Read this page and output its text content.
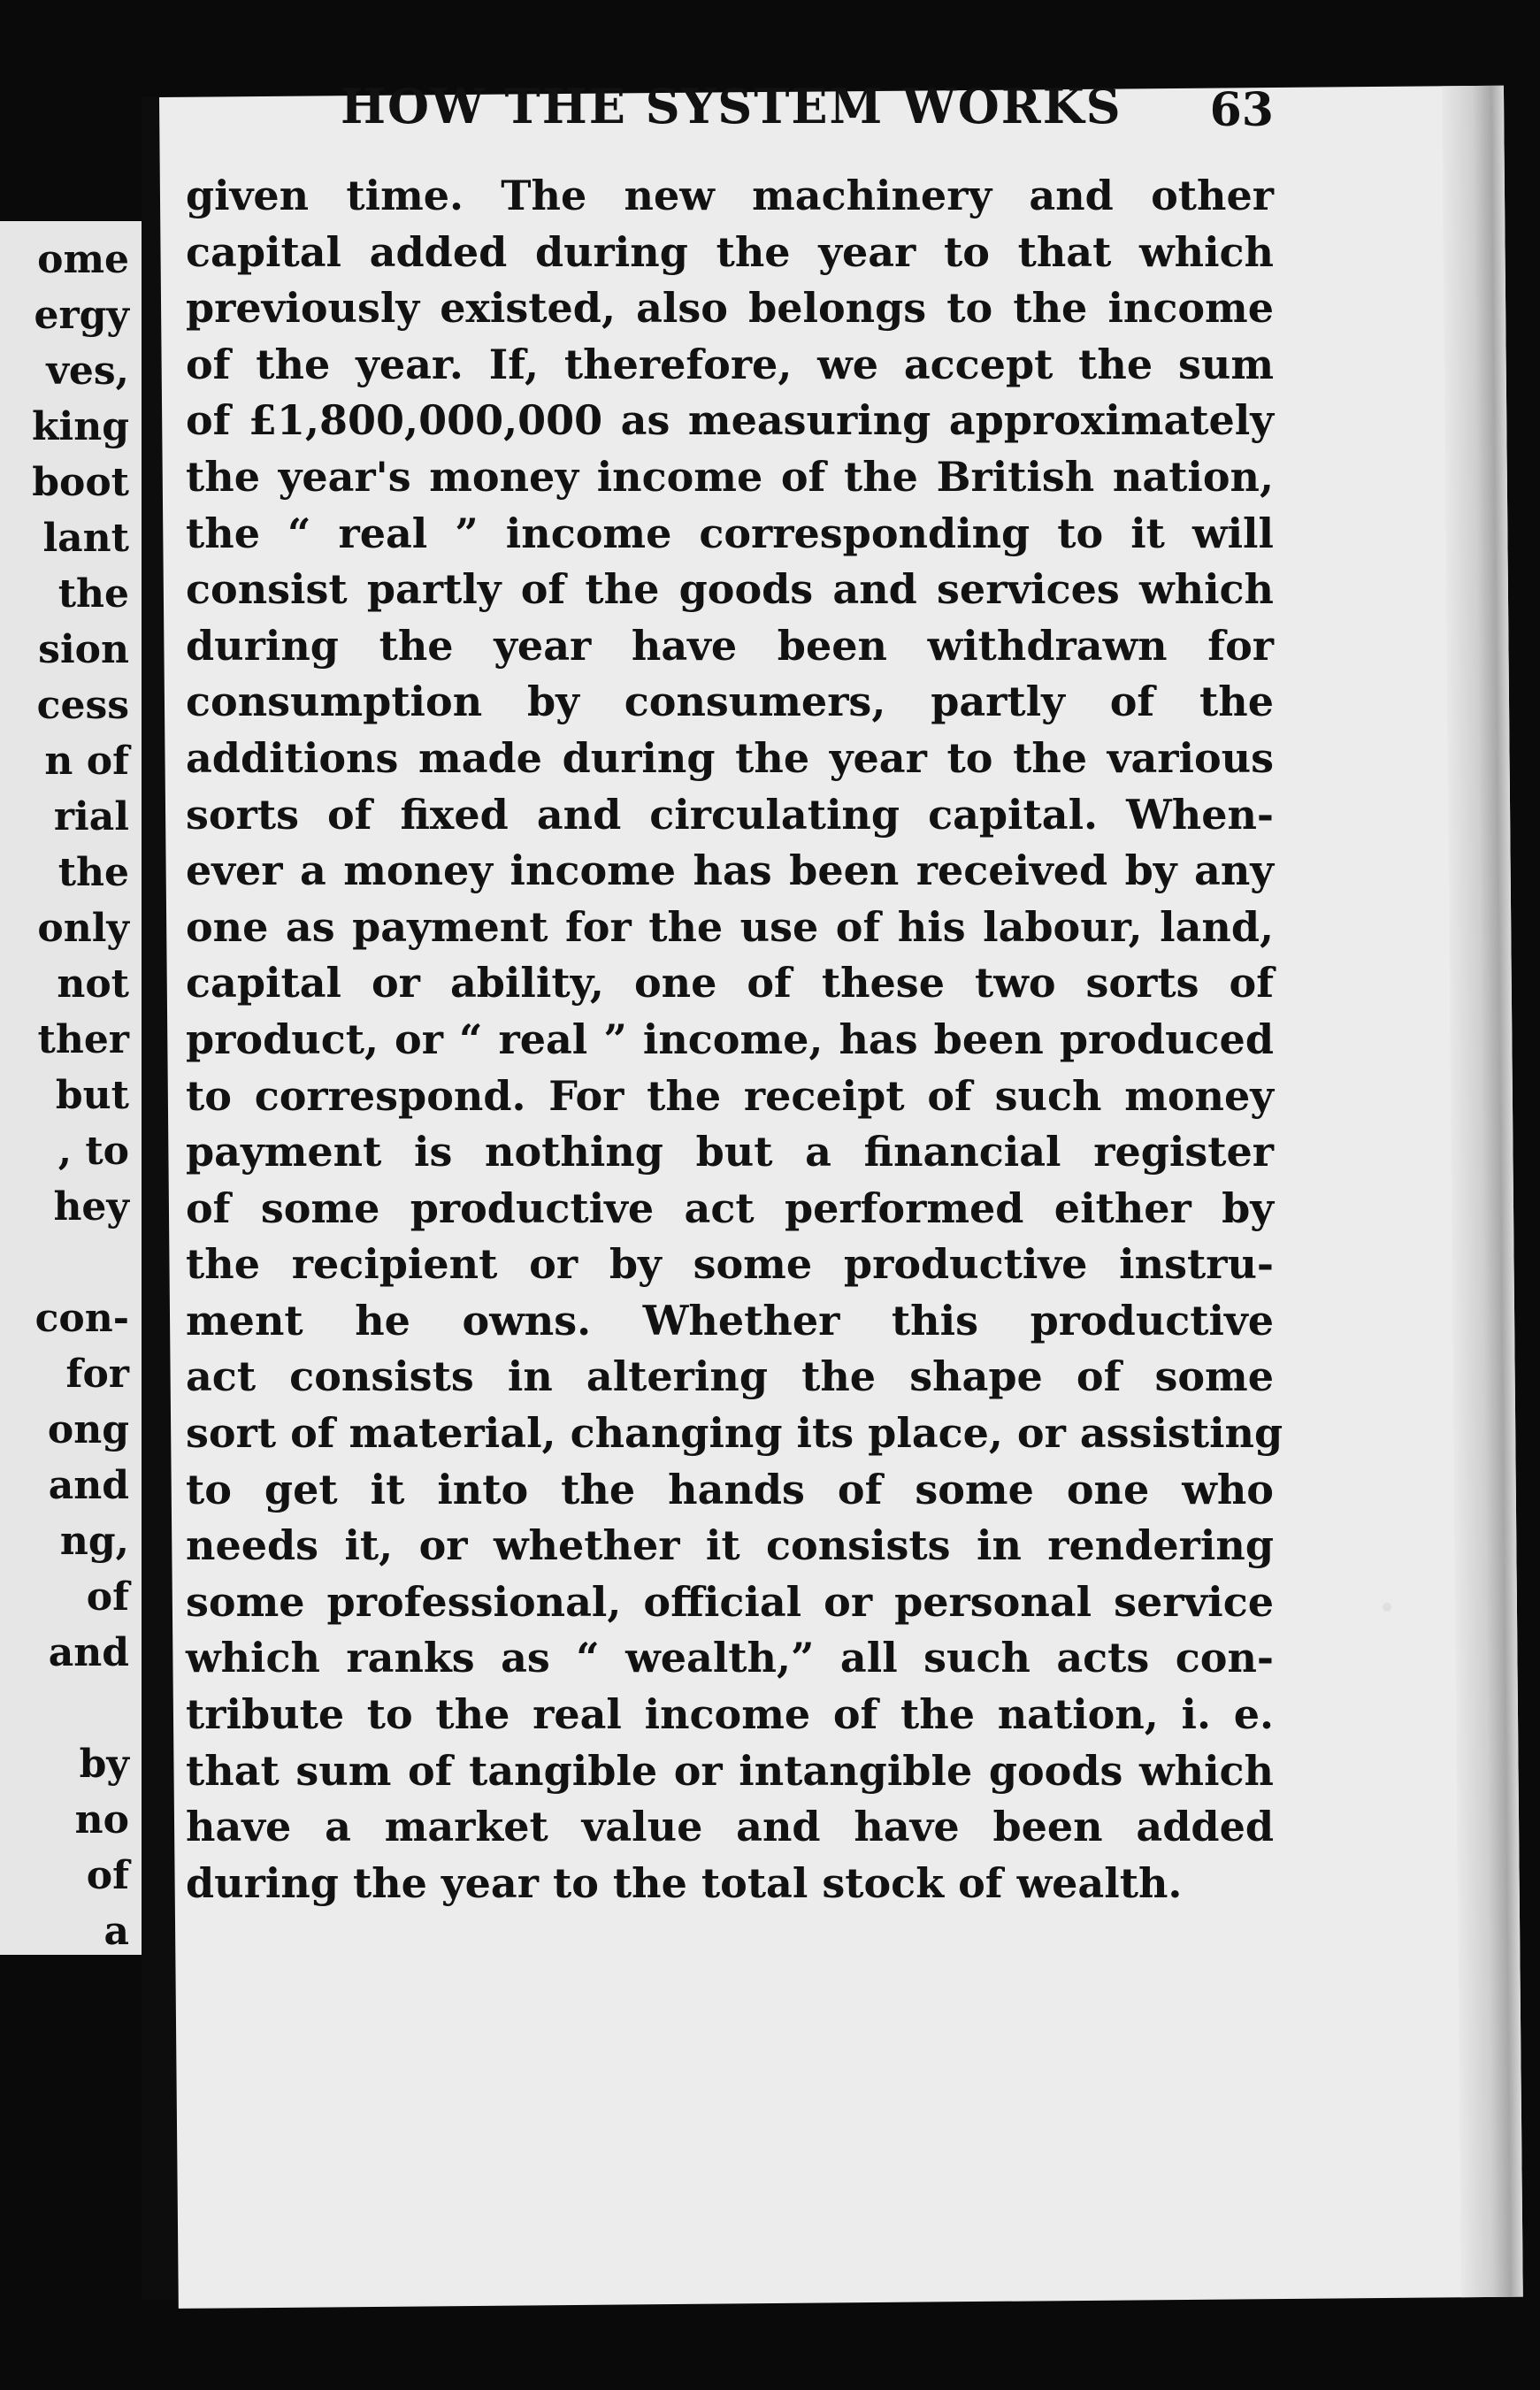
ome
ergy
ves,
king
boot
lant
the
sion
cess
n of
rial
the
only
not
ther
but
, to
hey
con-
for
ong
and
ng,
of
and
by
no
of
a
HOW THE SYSTEM WORKS 63
given time. The new machinery and other
capital added during the year to that which
previously existed, also belongs to the income
of the year. If, therefore, we accept the sum
of £1,800,000,000 as measuring approximately
the year's money income of the British nation,
the “ real ” income corresponding to it will
consist partly of the goods and services which
during the year have been withdrawn for
consumption by consumers, partly of the
additions made during the year to the various
sorts of fixed and circulating capital. When-
ever a money income has been received by any
one as payment for the use of his labour, land,
capital or ability, one of these two sorts of
product, or “ real ” income, has been produced
to correspond. For the receipt of such money
payment is nothing but a financial register
of some productive act performed either by
the recipient or by some productive instru-
ment he owns. Whether this productive
act consists in altering the shape of some
sort of material, changing its place, or assisting
to get it into the hands of some one who
needs it, or whether it consists in rendering
some professional, official or personal service
which ranks as “ wealth,” all such acts con-
tribute to the real income of the nation, i. e.
that sum of tangible or intangible goods which
have a market value and have been added
during the year to the total stock of wealth.
